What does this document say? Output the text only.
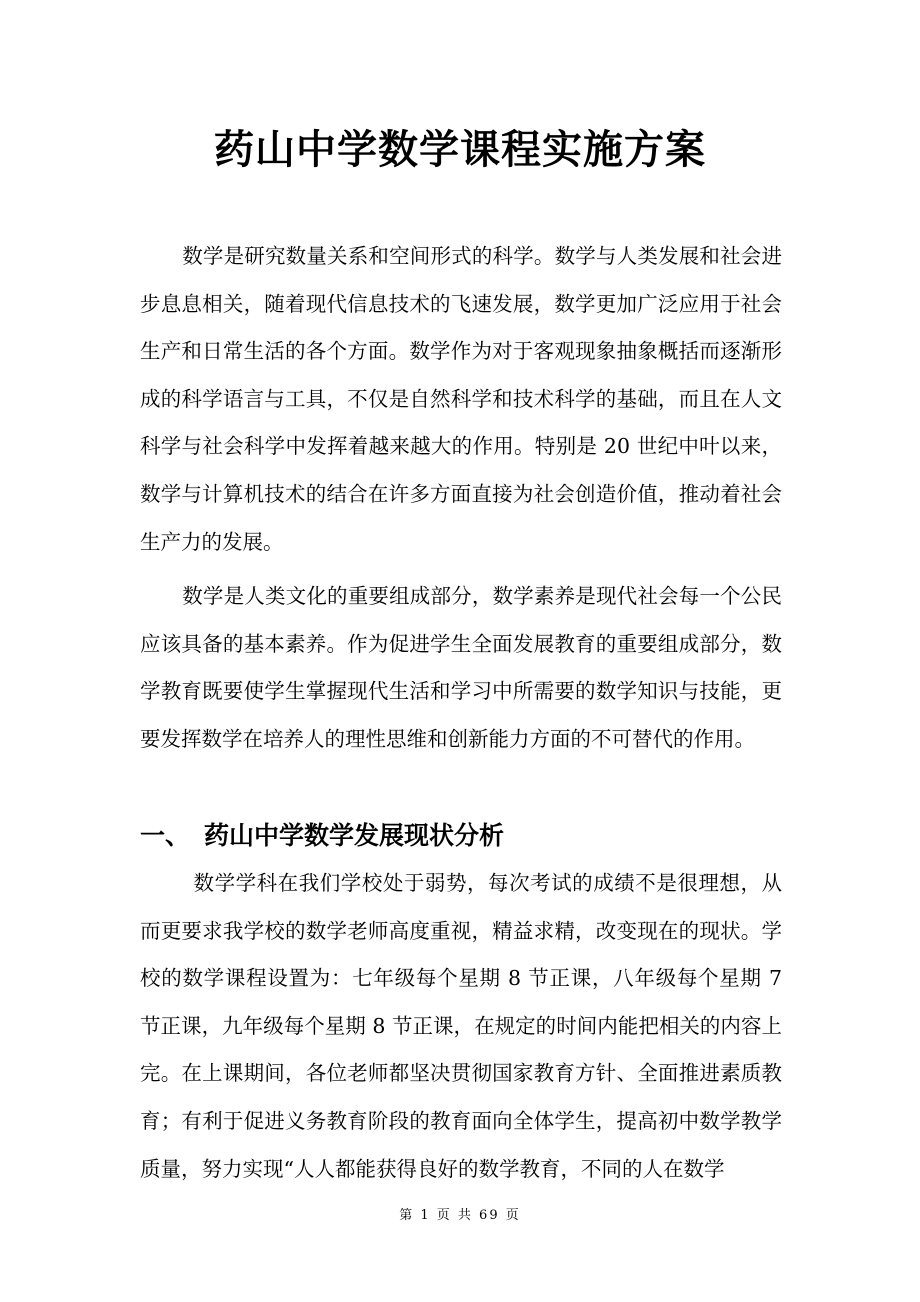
药山中学数学课程实施方案

数学是研究数量关系和空间形式的科学。数学与人类发展和社会进步息息相关，随着现代信息技术的飞速发展，数学更加广泛应用于社会生产和日常生活的各个方面。数学作为对于客观现象抽象概括而逐渐形成的科学语言与工具，不仅是自然科学和技术科学的基础，而且在人文科学与社会科学中发挥着越来越大的作用。特别是 20 世纪中叶以来，数学与计算机技术的结合在许多方面直接为社会创造价值，推动着社会生产力的发展。

数学是人类文化的重要组成部分，数学素养是现代社会每一个公民应该具备的基本素养。作为促进学生全面发展教育的重要组成部分，数学教育既要使学生掌握现代生活和学习中所需要的数学知识与技能，更要发挥数学在培养人的理性思维和创新能力方面的不可替代的作用。

一、 药山中学数学发展现状分析

数学学科在我们学校处于弱势，每次考试的成绩不是很理想，从而更要求我学校的数学老师高度重视，精益求精，改变现在的现状。学校的数学课程设置为：七年级每个星期 8 节正课，八年级每个星期 7 节正课，九年级每个星期 8 节正课，在规定的时间内能把相关的内容上完。在上课期间，各位老师都坚决贯彻国家教育方针、全面推进素质教育；有利于促进义务教育阶段的教育面向全体学生，提高初中数学教学质量，努力实现“人人都能获得良好的数学教育，不同的人在数学

第 1 页 共 69 页
